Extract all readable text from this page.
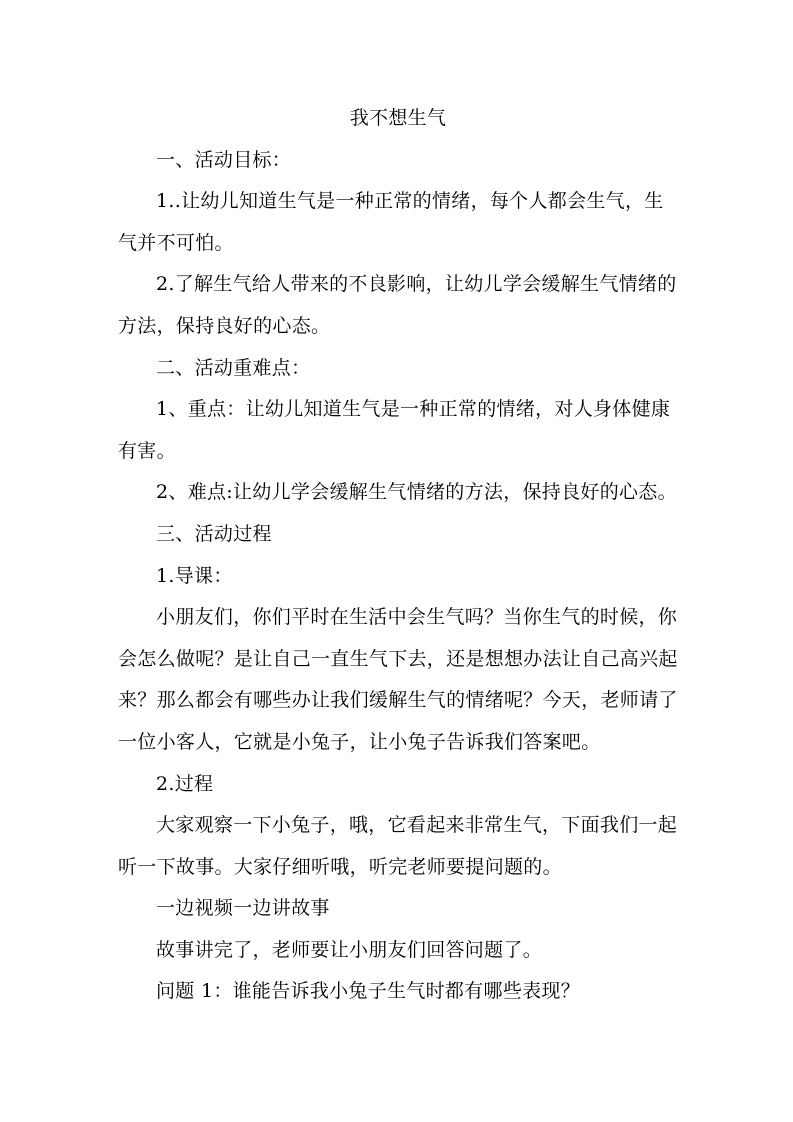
我不想生气

一、活动目标：

1..让幼儿知道生气是一种正常的情绪，每个人都会生气，生气并不可怕。

2.了解生气给人带来的不良影响，让幼儿学会缓解生气情绪的方法，保持良好的心态。

二、活动重难点：

1、重点：让幼儿知道生气是一种正常的情绪，对人身体健康有害。

2、难点:让幼儿学会缓解生气情绪的方法，保持良好的心态。

三、活动过程

1.导课：

小朋友们，你们平时在生活中会生气吗？当你生气的时候，你会怎么做呢？是让自己一直生气下去，还是想想办法让自己高兴起来？那么都会有哪些办让我们缓解生气的情绪呢？今天，老师请了一位小客人，它就是小兔子，让小兔子告诉我们答案吧。

2.过程

大家观察一下小兔子，哦，它看起来非常生气，下面我们一起听一下故事。大家仔细听哦，听完老师要提问题的。

一边视频一边讲故事

故事讲完了，老师要让小朋友们回答问题了。

问题 1：谁能告诉我小兔子生气时都有哪些表现？
